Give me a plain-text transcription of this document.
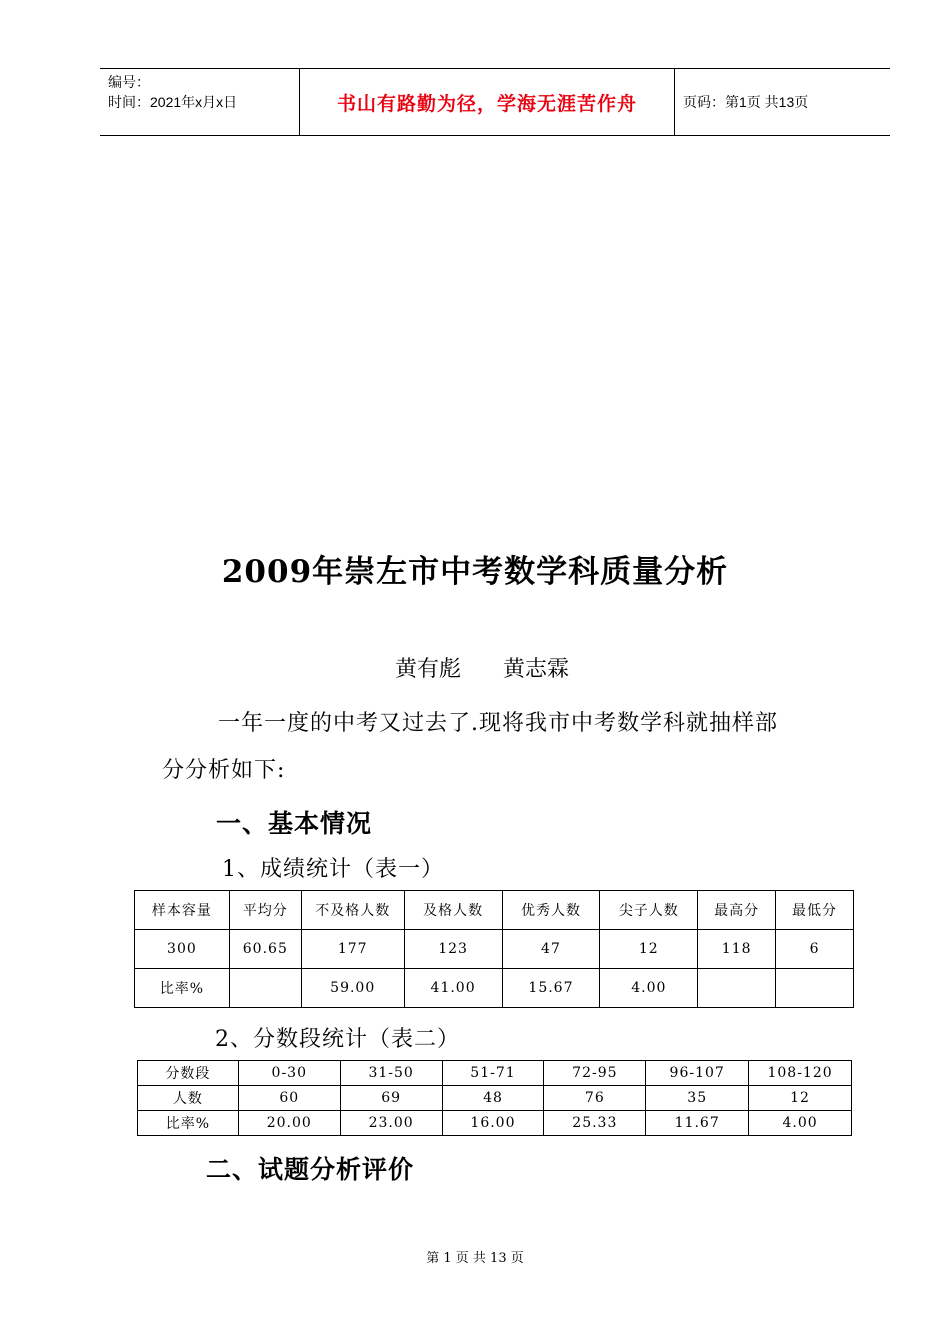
编号：
时间：2021年x月x日	书山有路勤为径，学海无涯苦作舟	页码：第1页 共13页
2009年崇左市中考数学科质量分析
黄有彪      黄志霖
一年一度的中考又过去了.现将我市中考数学科就抽样部
分分析如下:
一、基本情况
1、成绩统计（表一）
样本容量	平均分	不及格人数	及格人数	优秀人数	尖子人数	最高分	最低分
300	60.65	177	123	47	12	118	6
比率%		59.00	41.00	15.67	4.00		
2、分数段统计（表二）
分数段	0-30	31-50	51-71	72-95	96-107	108-120
人数	60	69	48	76	35	12
比率%	20.00	23.00	16.00	25.33	11.67	4.00
二、试题分析评价
第 1 页 共 13 页
